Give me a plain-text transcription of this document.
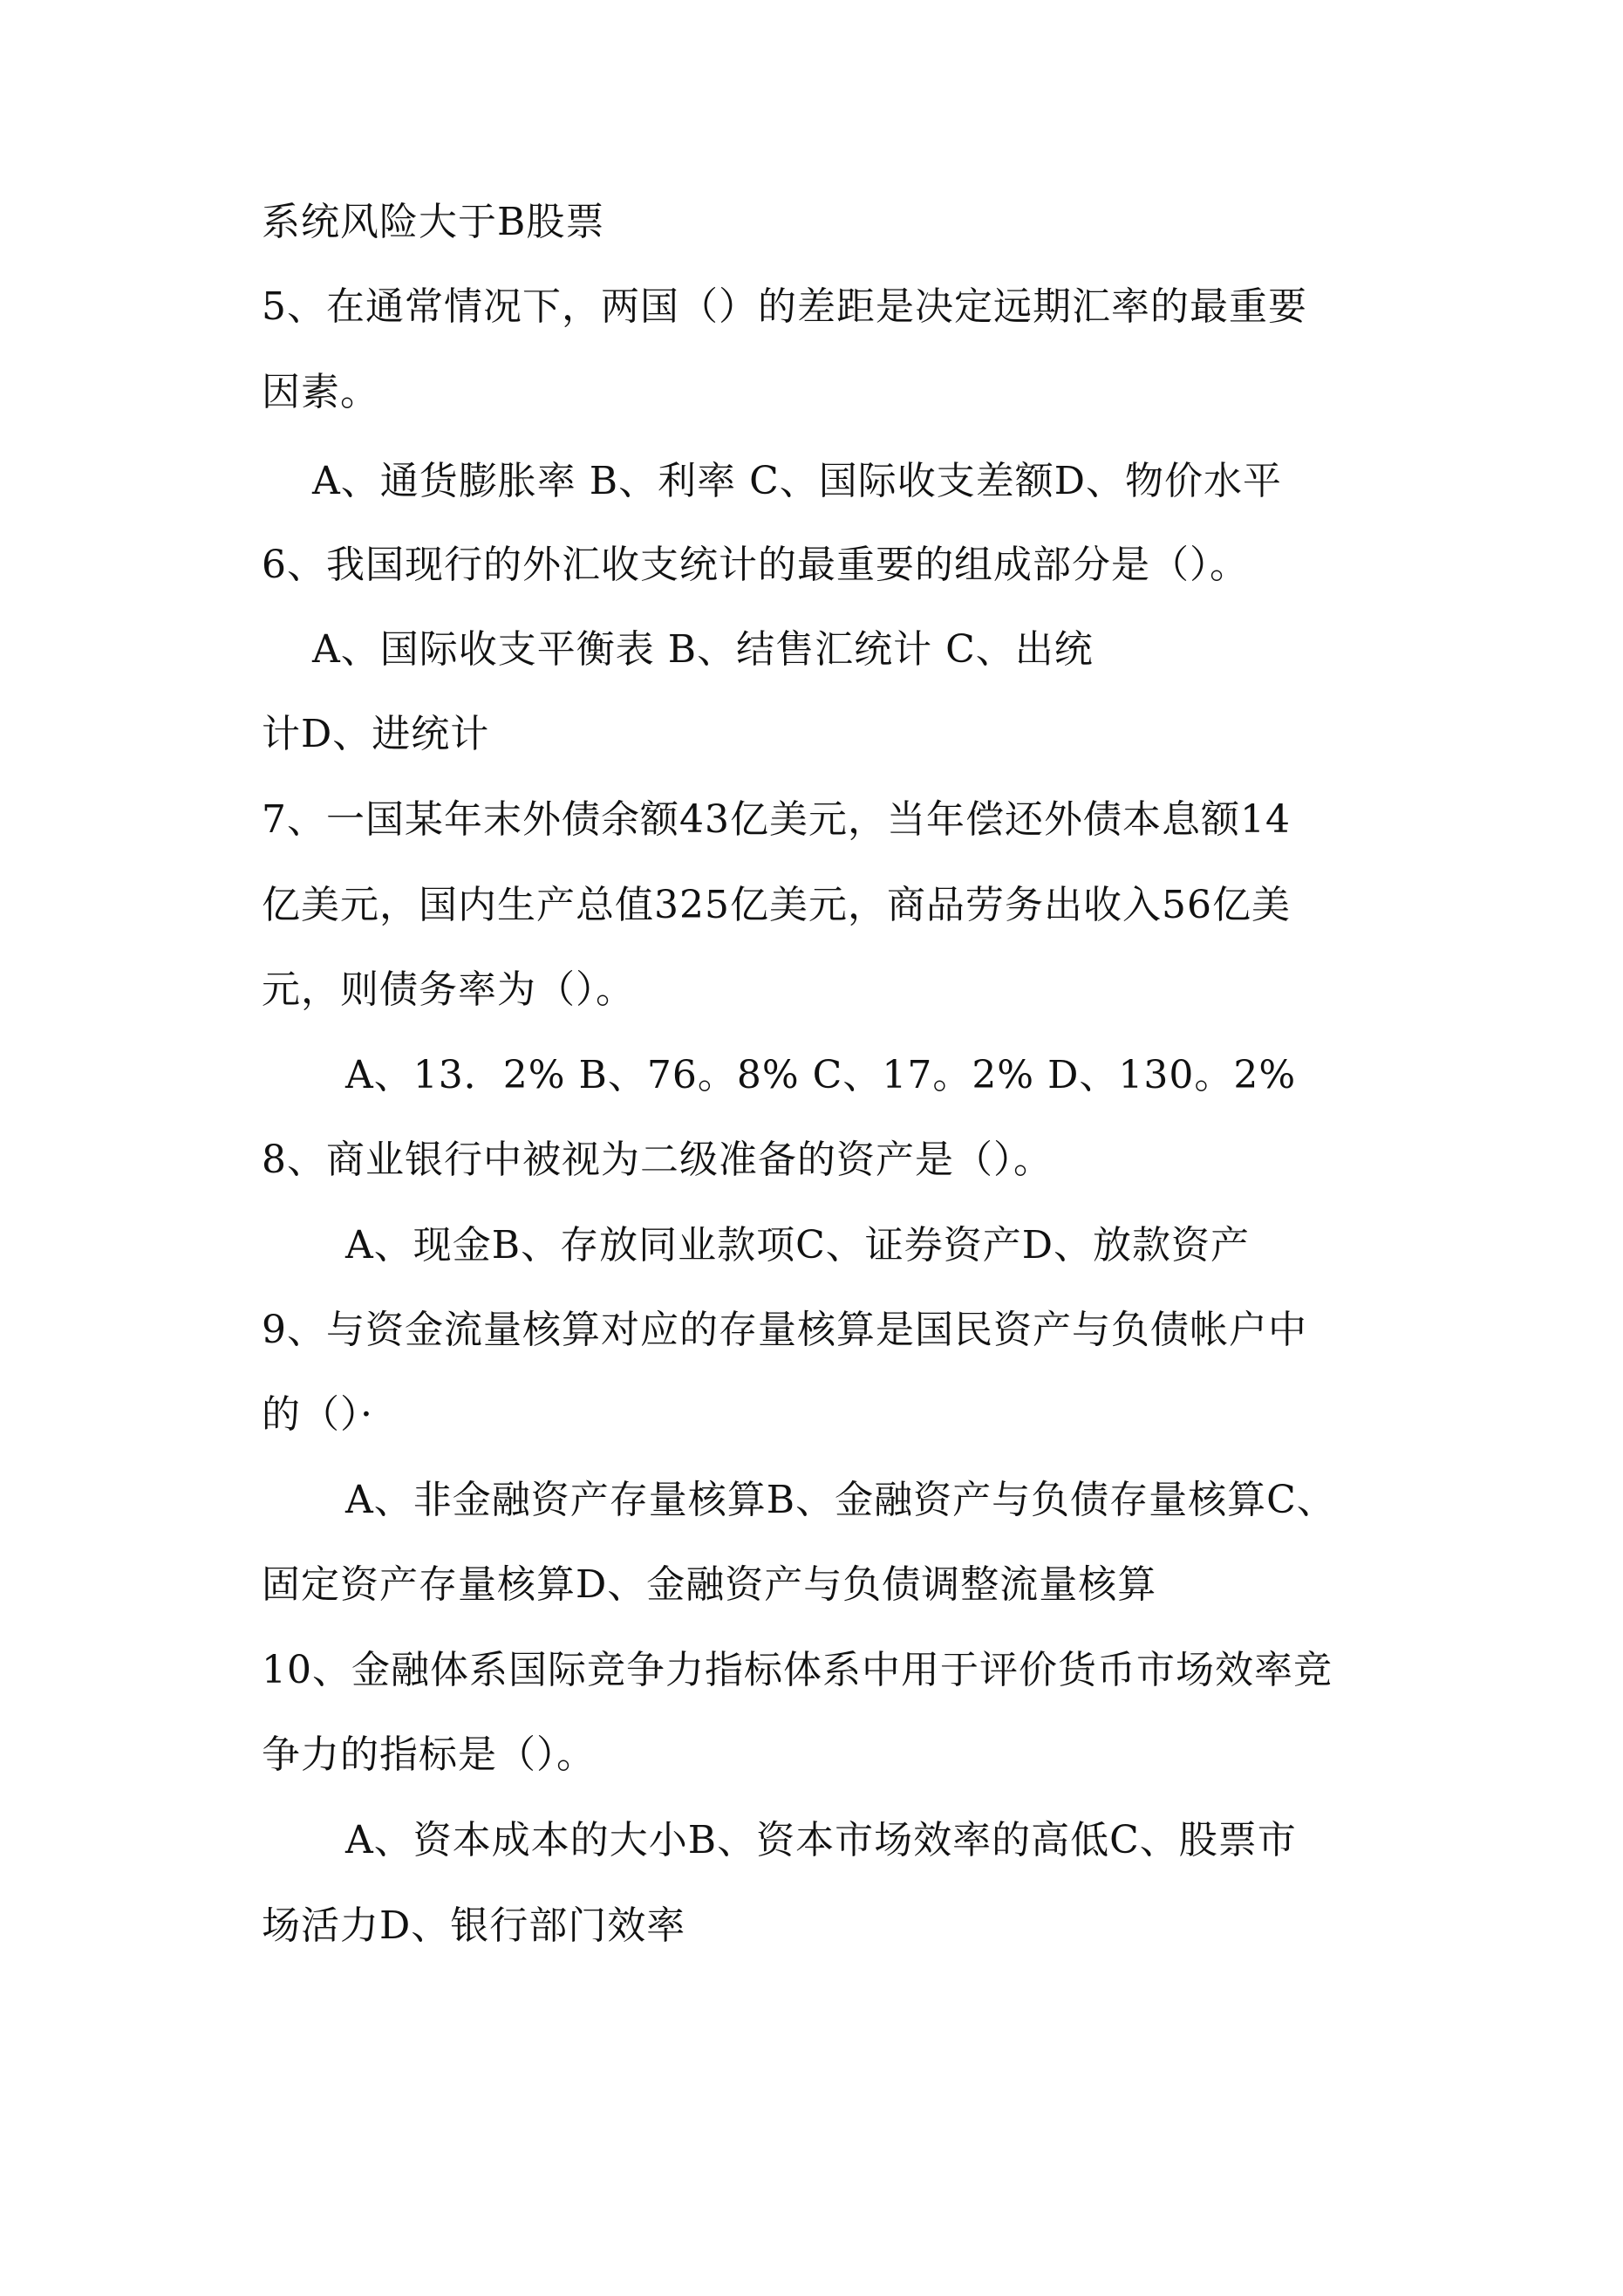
系统风险大于B股票
5、在通常情况下，两国（）的差距是决定远期汇率的最重要
因素。
A、通货膨胀率 B、利率 C、国际收支差额D、物价水平
6、我国现行的外汇收支统计的最重要的组成部分是（）。
A、国际收支平衡表 B、结售汇统计 C、出统
计D、进统计
7、一国某年末外债余额43亿美元，当年偿还外债本息额14
亿美元，国内生产总值325亿美元，商品劳务出收入56亿美
元，则债务率为（）。
A、13．2% B、76。8% C、17。2% D、130。2%
8、商业银行中被视为二级准备的资产是（）。
A、现金B、存放同业款项C、证券资产D、放款资产
9、与资金流量核算对应的存量核算是国民资产与负债帐户中
的（）·
A、非金融资产存量核算B、金融资产与负债存量核算C、
固定资产存量核算D、金融资产与负债调整流量核算
10、金融体系国际竞争力指标体系中用于评价货币市场效率竞
争力的指标是（）。
A、资本成本的大小B、资本市场效率的高低C、股票市
场活力D、银行部门效率
